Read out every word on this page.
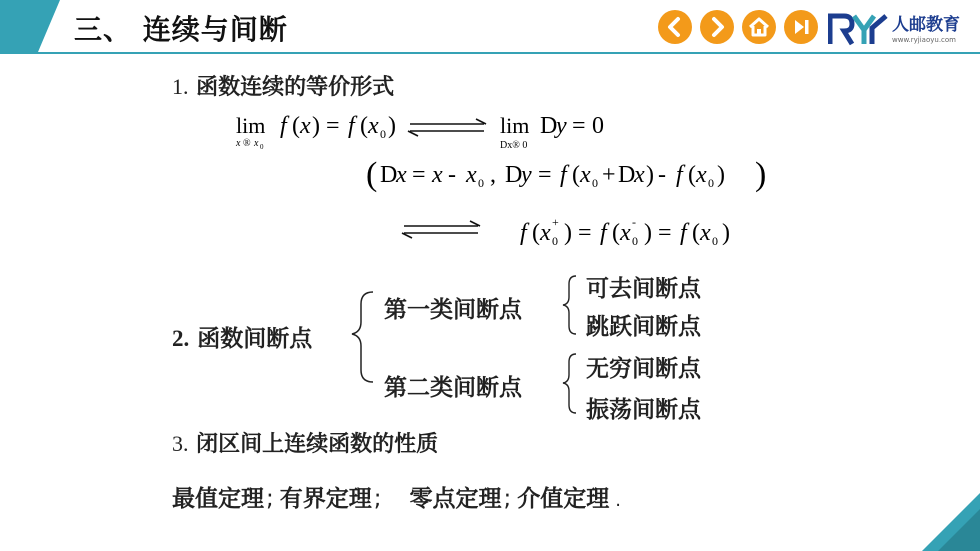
三、 连续与间断	人邮教育
www.ryjiaoyu.com
1. 函数连续的等价形式
lim
x ® x 0
f ( x ) = f ( x 0 )	lim
Dx® 0
D
y = 0
( D
x = x - x 0 , D
y = f ( x 0 + D
x ) - f ( x 0 ) )
f ( x 0
+ ) = f ( x 0
- ) = f ( x 0 )
2. 函数间断点
第一类间断点
可去间断点
跳跃间断点
第二类间断点
无穷间断点
振荡间断点
3. 闭区间上连续函数的性质
最值定理; 有界定理; 零点定理; 介值定理 .
